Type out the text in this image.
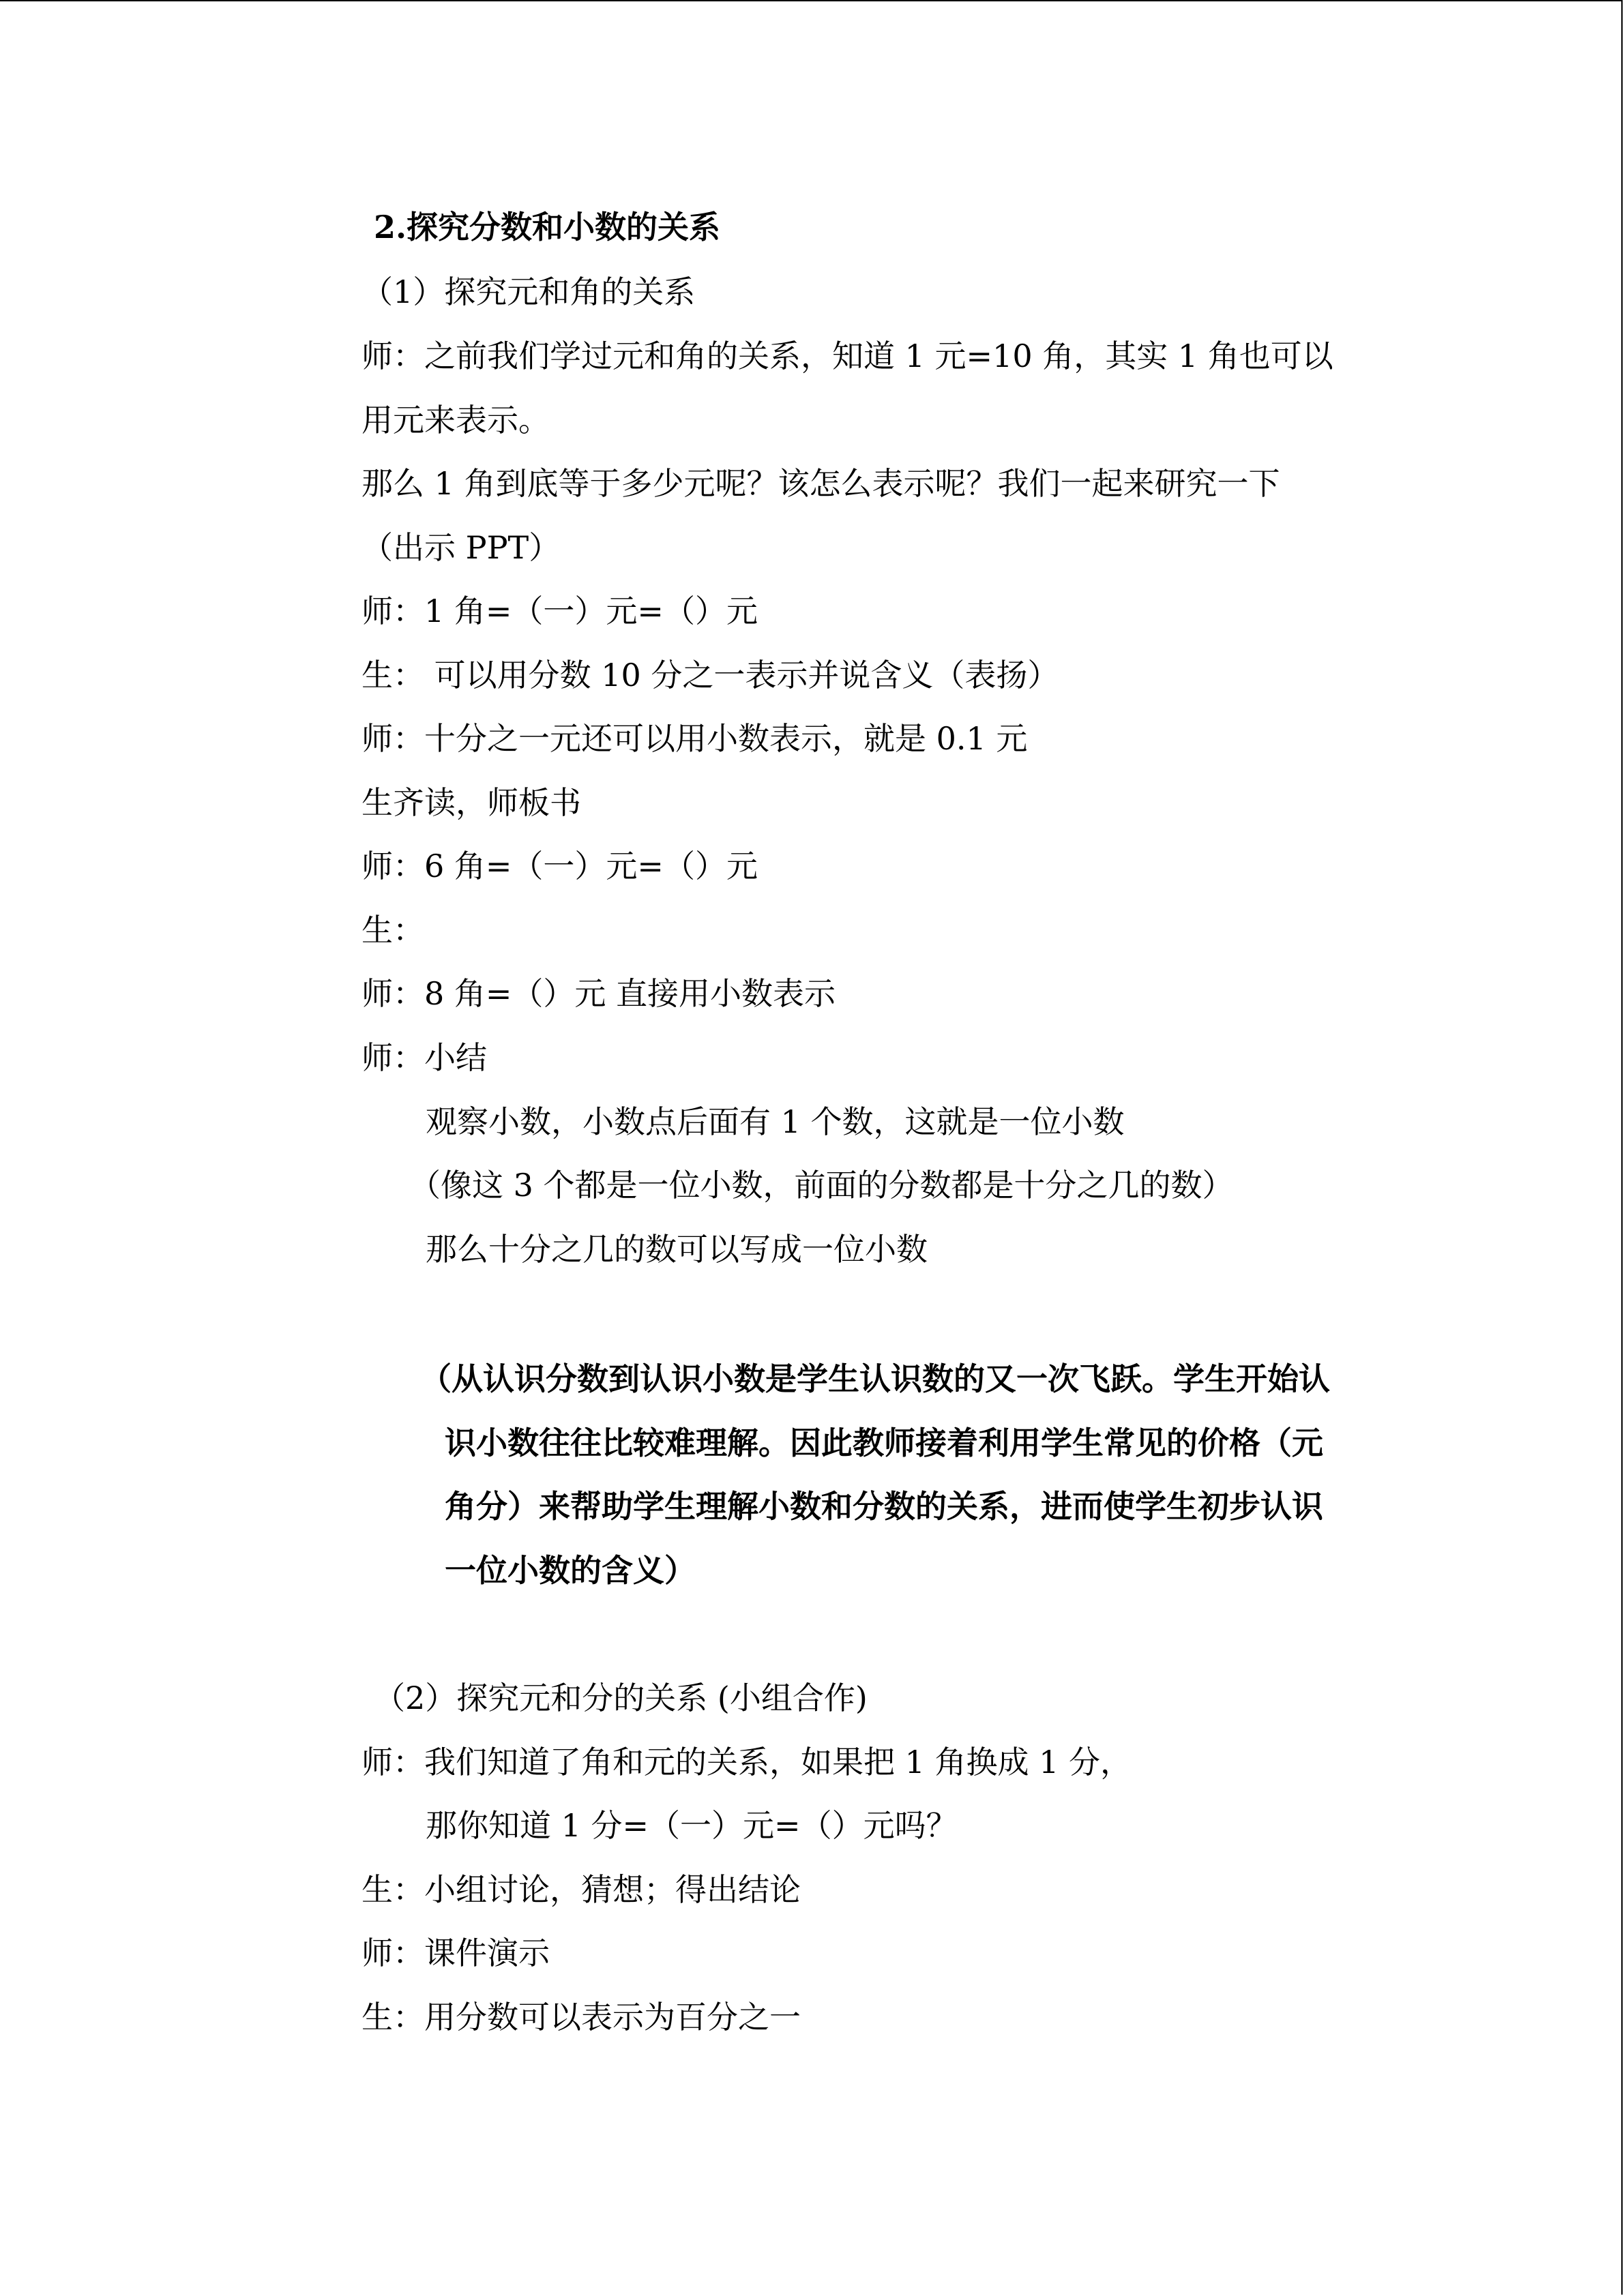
2.探究分数和小数的关系
（1）探究元和角的关系
师：之前我们学过元和角的关系，知道 1 元=10 角，其实 1 角也可以
用元来表示。
那么 1 角到底等于多少元呢？该怎么表示呢？我们一起来研究一下
（出示 PPT）
师：1 角=（一）元=（）元
生： 可以用分数 10 分之一表示并说含义（表扬）
师：十分之一元还可以用小数表示，就是 0.1 元
生齐读，师板书
师：6 角=（一）元=（）元
生：
师：8 角=（）元 直接用小数表示
师：小结
观察小数，小数点后面有 1 个数，这就是一位小数
（像这 3 个都是一位小数，前面的分数都是十分之几的数）
那么十分之几的数可以写成一位小数
（从认识分数到认识小数是学生认识数的又一次飞跃。学生开始认
识小数往往比较难理解。因此教师接着利用学生常见的价格（元
角分）来帮助学生理解小数和分数的关系，进而使学生初步认识
一位小数的含义）
（2）探究元和分的关系 (小组合作)
师：我们知道了角和元的关系，如果把 1 角换成 1 分，
那你知道 1 分=（一）元=（）元吗？
生：小组讨论，猜想；得出结论
师：课件演示
生：用分数可以表示为百分之一
